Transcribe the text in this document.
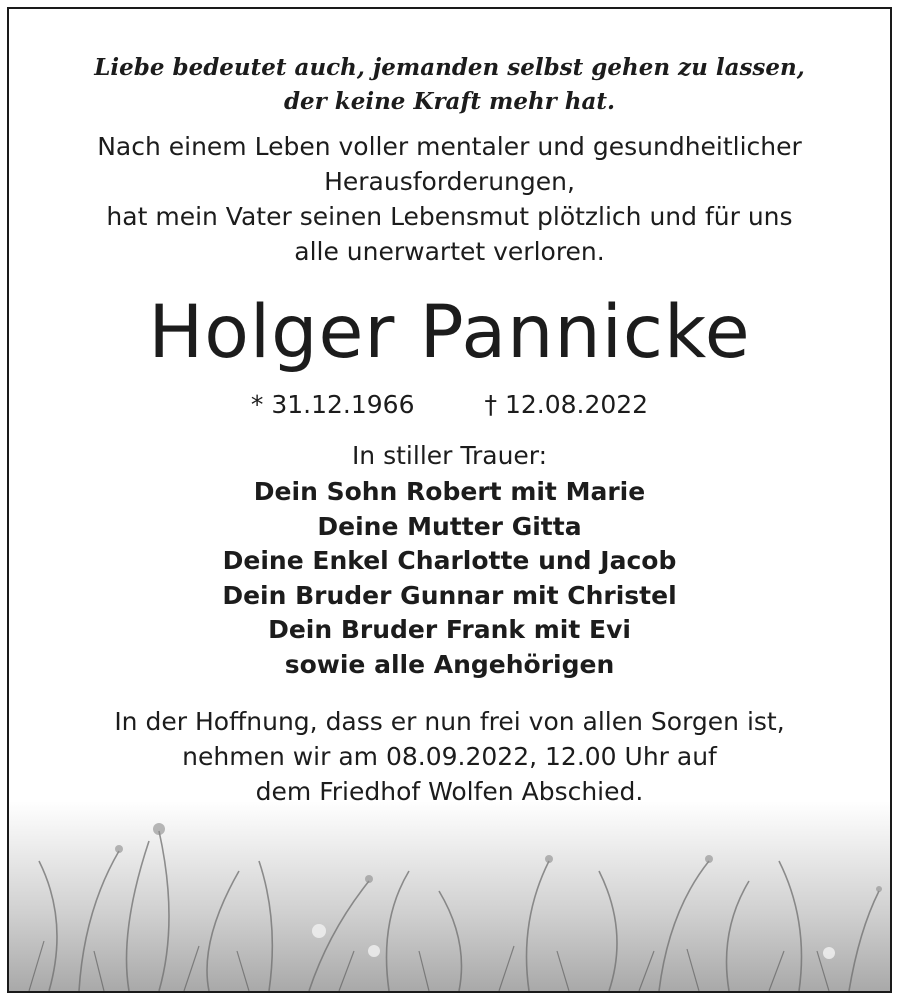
Liebe bedeutet auch, jemanden selbst gehen zu lassen,
der keine Kraft mehr hat.
Nach einem Leben voller mentaler und gesundheitlicher
Herausforderungen,
hat mein Vater seinen Lebensmut plötzlich und für uns
alle unerwartet verloren.
Holger Pannicke
* 31.12.1966	† 12.08.2022
In stiller Trauer:
Dein Sohn Robert mit Marie
Deine Mutter Gitta
Deine Enkel Charlotte und Jacob
Dein Bruder Gunnar mit Christel
Dein Bruder Frank mit Evi
sowie alle Angehörigen
In der Hoffnung, dass er nun frei von allen Sorgen ist,
nehmen wir am 08.09.2022, 12.00 Uhr auf
dem Friedhof Wolfen Abschied.
